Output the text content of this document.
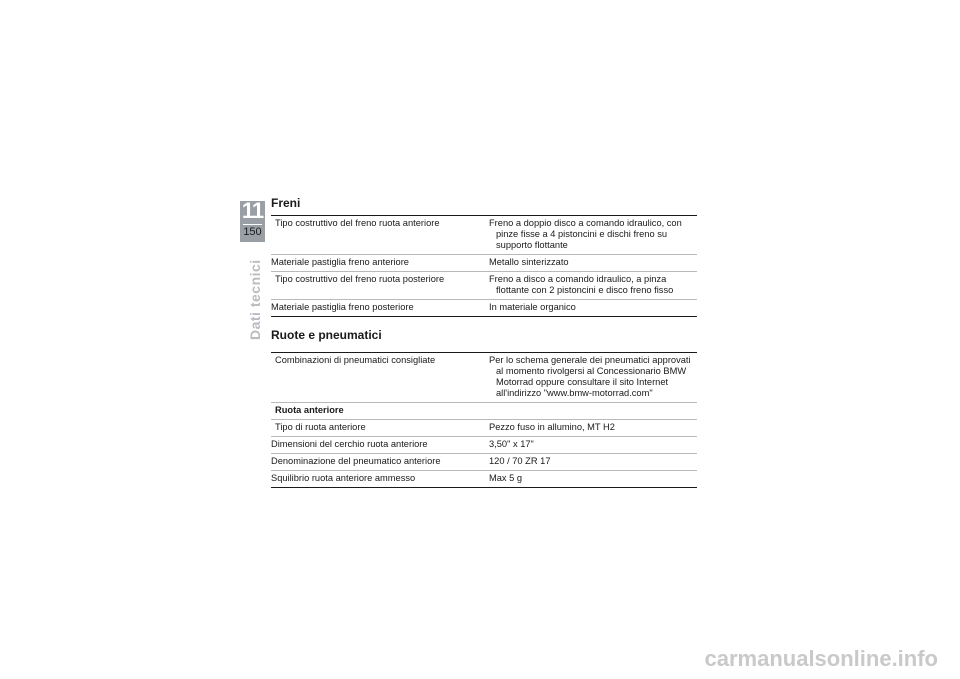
11
150
Dati tecnici
Freni
Tipo costruttivo del freno ruota anteriore	Freno a doppio disco a comando idraulico, con pinze fisse a 4 pistoncini e dischi freno su supporto flottante

Materiale pastiglia freno anteriore	Metallo sinterizzato

Tipo costruttivo del freno ruota posteriore	Freno a disco a comando idraulico, a pinza flottante con 2 pistoncini e disco freno fisso

Materiale pastiglia freno posteriore	In materiale organico
Ruote e pneumatici
Combinazioni di pneumatici consigliate	Per lo schema generale dei pneumatici approvati al momento rivolgersi al Concessionario BMW Motorrad oppure consultare il sito Internet all'indirizzo "www.bmw-motorrad.com"

Ruota anteriore	
Tipo di ruota anteriore	Pezzo fuso in allumino, MT H2

Dimensioni del cerchio ruota anteriore	3,50" x 17"

Denominazione del pneumatico anteriore	120 / 70 ZR 17

Squilibrio ruota anteriore ammesso	Max 5 g
carmanualsonline.info
